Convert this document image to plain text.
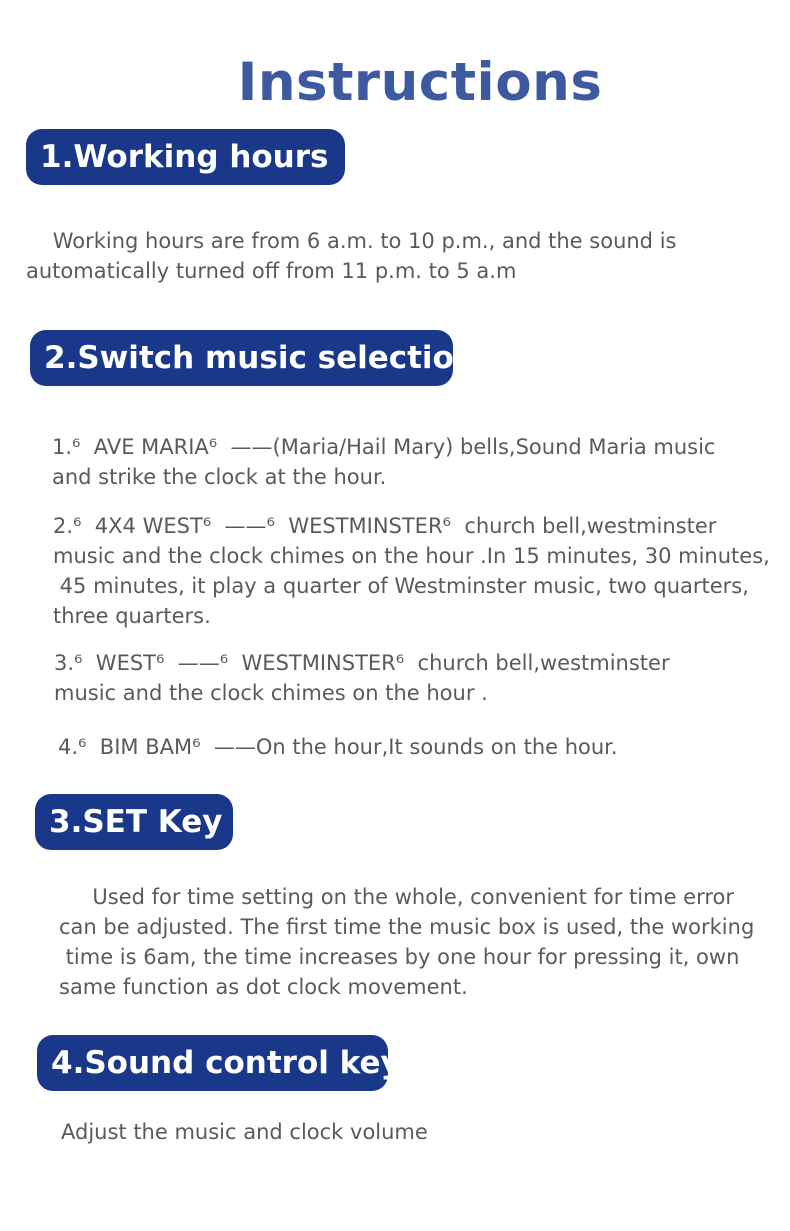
Instructions
1.Working hours
Working hours are from 6 a.m. to 10 p.m., and the sound is
automatically turned off from 11 p.m. to 5 a.m
2.Switch music selection
1.⁶  AVE MARIA⁶  ——(Maria/Hail Mary) bells,Sound Maria music
and strike the clock at the hour.
2.⁶  4X4 WEST⁶  ——⁶  WESTMINSTER⁶  church bell,westminster
music and the clock chimes on the hour .In 15 minutes, 30 minutes,
45 minutes, it play a quarter of Westminster music, two quarters,
three quarters.
3.⁶  WEST⁶  ——⁶  WESTMINSTER⁶  church bell,westminster
music and the clock chimes on the hour .
4.⁶  BIM BAM⁶  ——On the hour,It sounds on the hour.
3.SET Key
Used for time setting on the whole, convenient for time error
can be adjusted. The first time the music box is used, the working
time is 6am, the time increases by one hour for pressing it, own
same function as dot clock movement.
4.Sound control key
Adjust the music and clock volume
